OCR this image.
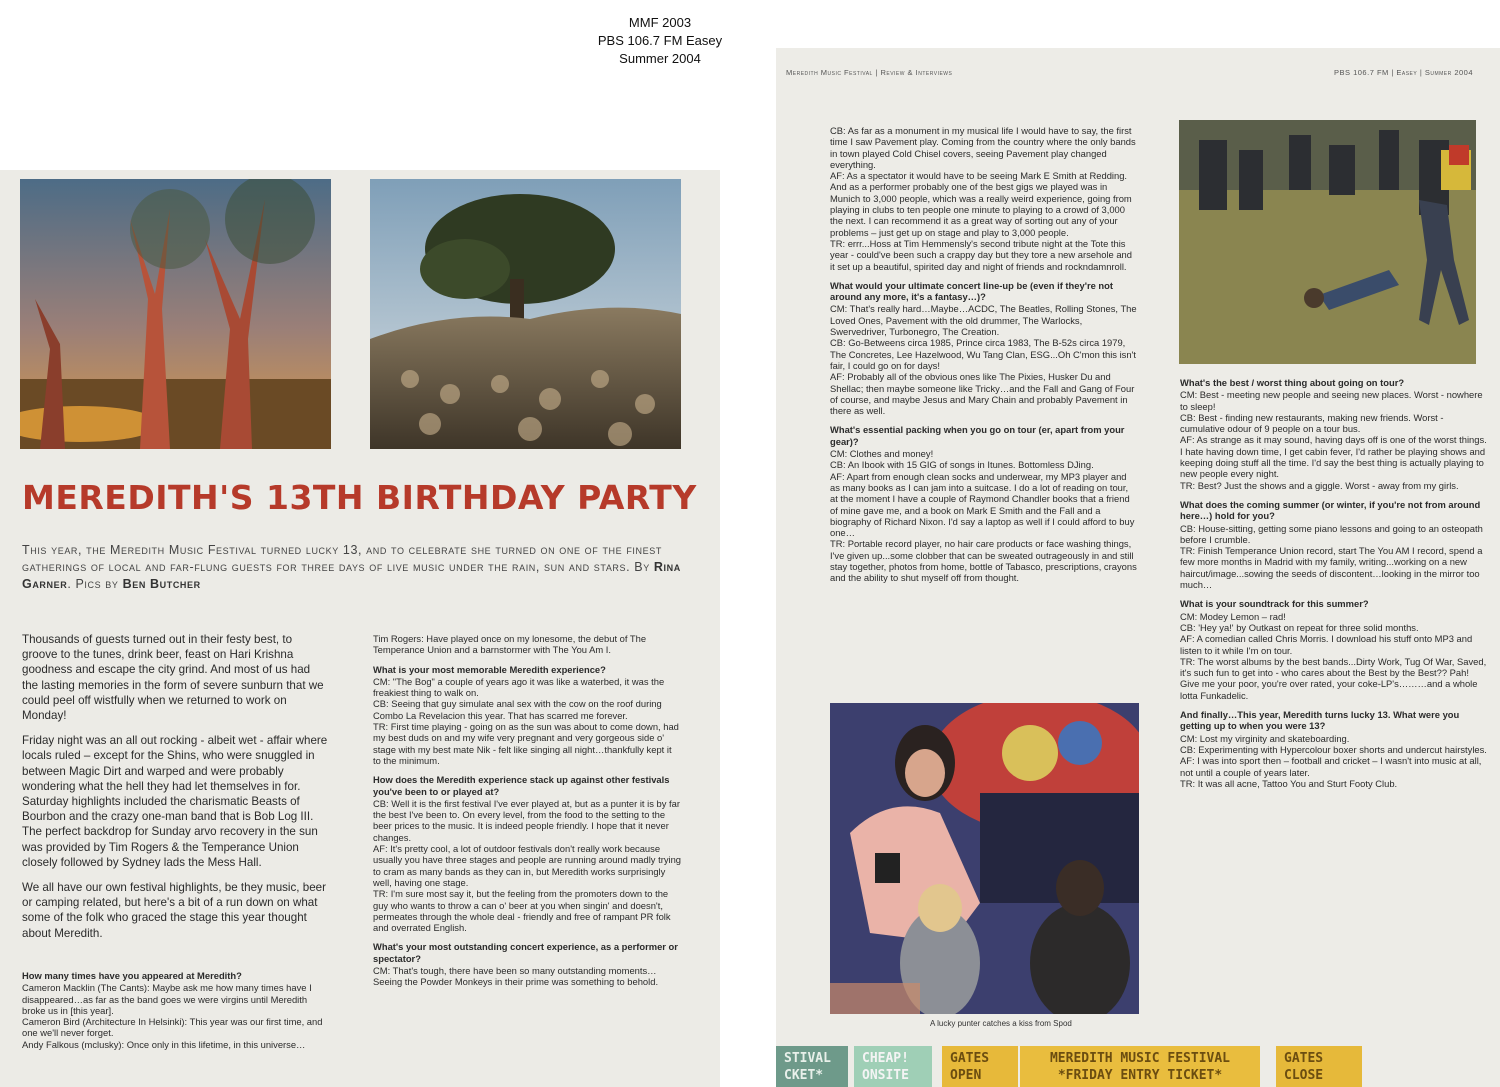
MMF 2003
PBS 106.7 FM Easey
Summer 2004
MEREDITH'S 13TH BIRTHDAY PARTY

This year, the Meredith Music Festival turned lucky 13, and to celebrate she turned on one of the finest gatherings of local and far-flung guests for three days of live music under the rain, sun and stars. By Rina Garner. Pics by Ben Butcher

Thousands of guests turned out in their festy best, to groove to the tunes, drink beer, feast on Hari Krishna goodness and escape the city grind. And most of us had the lasting memories in the form of severe sunburn that we could peel off wistfully when we returned to work on Monday!

Friday night was an all out rocking - albeit wet - affair where locals ruled – except for the Shins, who were snuggled in between Magic Dirt and warped and were probably wondering what the hell they had let themselves in for. Saturday highlights included the charismatic Beasts of Bourbon and the crazy one-man band that is Bob Log III. The perfect backdrop for Sunday arvo recovery in the sun was provided by Tim Rogers & the Temperance Union closely followed by Sydney lads the Mess Hall.

We all have our own festival highlights, be they music, beer or camping related, but here's a bit of a run down on what some of the folk who graced the stage this year thought about Meredith.

How many times have you appeared at Meredith?

Cameron Macklin (The Cants): Maybe ask me how many times have I disappeared…as far as the band goes we were virgins until Meredith broke us in [this year].

Cameron Bird (Architecture In Helsinki): This year was our first time, and one we'll never forget.

Andy Falkous (mclusky): Once only in this lifetime, in this universe…

Tim Rogers: Have played once on my lonesome, the debut of The Temperance Union and a barnstormer with The You Am I.

What is your most memorable Meredith experience?

CM: "The Bog" a couple of years ago it was like a waterbed, it was the freakiest thing to walk on.

CB: Seeing that guy simulate anal sex with the cow on the roof during Combo La Revelacion this year. That has scarred me forever.

TR: First time playing - going on as the sun was about to come down, had my best duds on and my wife very pregnant and very gorgeous side o' stage with my best mate Nik - felt like singing all night…thankfully kept it to the minimum.

How does the Meredith experience stack up against other festivals you've been to or played at?

CB: Well it is the first festival I've ever played at, but as a punter it is by far the best I've been to. On every level, from the food to the setting to the beer prices to the music. It is indeed people friendly. I hope that it never changes.

AF: It's pretty cool, a lot of outdoor festivals don't really work because usually you have three stages and people are running around madly trying to cram as many bands as they can in, but Meredith works surprisingly well, having one stage.

TR: I'm sure most say it, but the feeling from the promoters down to the guy who wants to throw a can o' beer at you when singin' and doesn't, permeates through the whole deal - friendly and free of rampant PR folk and overrated English.

What's your most outstanding concert experience, as a performer or spectator?

CM: That's tough, there have been so many outstanding moments… Seeing the Powder Monkeys in their prime was something to behold.

Meredith Music Festival | Review & Interviews	PBS 106.7 FM | Easey | Summer 2004

CB: As far as a monument in my musical life I would have to say, the first time I saw Pavement play. Coming from the country where the only bands in town played Cold Chisel covers, seeing Pavement play changed everything.

AF: As a spectator it would have to be seeing Mark E Smith at Redding. And as a performer probably one of the best gigs we played was in Munich to 3,000 people, which was a really weird experience, going from playing in clubs to ten people one minute to playing to a crowd of 3,000 the next. I can recommend it as a great way of sorting out any of your problems – just get up on stage and play to 3,000 people.

TR: errr...Hoss at Tim Hemmensly's second tribute night at the Tote this year - could've been such a crappy day but they tore a new arsehole and it set up a beautiful, spirited day and night of friends and rockndamnroll.

What would your ultimate concert line-up be (even if they're not around any more, it's a fantasy…)?

CM: That's really hard…Maybe…ACDC, The Beatles, Rolling Stones, The Loved Ones, Pavement with the old drummer, The Warlocks, Swervedriver, Turbonegro, The Creation.

CB: Go-Betweens circa 1985, Prince circa 1983, The B-52s circa 1979, The Concretes, Lee Hazelwood, Wu Tang Clan, ESG...Oh C'mon this isn't fair, I could go on for days!

AF: Probably all of the obvious ones like The Pixies, Husker Du and Shellac; then maybe someone like Tricky…and the Fall and Gang of Four of course, and maybe Jesus and Mary Chain and probably Pavement in there as well.

What's essential packing when you go on tour (er, apart from your gear)?

CM: Clothes and money!

CB: An Ibook with 15 GIG of songs in Itunes. Bottomless DJing.

AF: Apart from enough clean socks and underwear, my MP3 player and as many books as I can jam into a suitcase. I do a lot of reading on tour, at the moment I have a couple of Raymond Chandler books that a friend of mine gave me, and a book on Mark E Smith and the Fall and a biography of Richard Nixon. I'd say a laptop as well if I could afford to buy one…

TR: Portable record player, no hair care products or face washing things, I've given up...some clobber that can be sweated outrageously in and still stay together, photos from home, bottle of Tabasco, prescriptions, crayons and the ability to shut myself off from thought.

A lucky punter catches a kiss from Spod

What's the best / worst thing about going on tour?

CM: Best - meeting new people and seeing new places. Worst - nowhere to sleep!

CB: Best - finding new restaurants, making new friends. Worst - cumulative odour of 9 people on a tour bus.

AF: As strange as it may sound, having days off is one of the worst things. I hate having down time, I get cabin fever, I'd rather be playing shows and keeping doing stuff all the time. I'd say the best thing is actually playing to new people every night.

TR: Best? Just the shows and a giggle. Worst - away from my girls.

What does the coming summer (or winter, if you're not from around here…) hold for you?

CB: House-sitting, getting some piano lessons and going to an osteopath before I crumble.

TR: Finish Temperance Union record, start The You AM I record, spend a few more months in Madrid with my family, writing...working on a new haircut/image...sowing the seeds of discontent…looking in the mirror too much…

What is your soundtrack for this summer?

CM: Modey Lemon – rad!

CB: 'Hey ya!' by Outkast on repeat for three solid months.

AF: A comedian called Chris Morris. I download his stuff onto MP3 and listen to it while I'm on tour.

TR: The worst albums by the best bands...Dirty Work, Tug Of War, Saved, it's such fun to get into - who cares about the Best by the Best?? Pah! Give me your poor, you're over rated, your coke-LP's………and a whole lotta Funkadelic.

And finally…This year, Meredith turns lucky 13. What were you getting up to when you were 13?

CM: Lost my virginity and skateboarding.

CB: Experimenting with Hypercolour boxer shorts and undercut hairstyles.

AF: I was into sport then – football and cricket – I wasn't into music at all, not until a couple of years later.

TR: It was all acne, Tattoo You and Sturt Footy Club.

STIVAL
CKET*
CHEAP!
ONSITE
GATES
OPEN
MEREDITH MUSIC FESTIVAL
*FRIDAY ENTRY TICKET*
GATES
CLOSE
